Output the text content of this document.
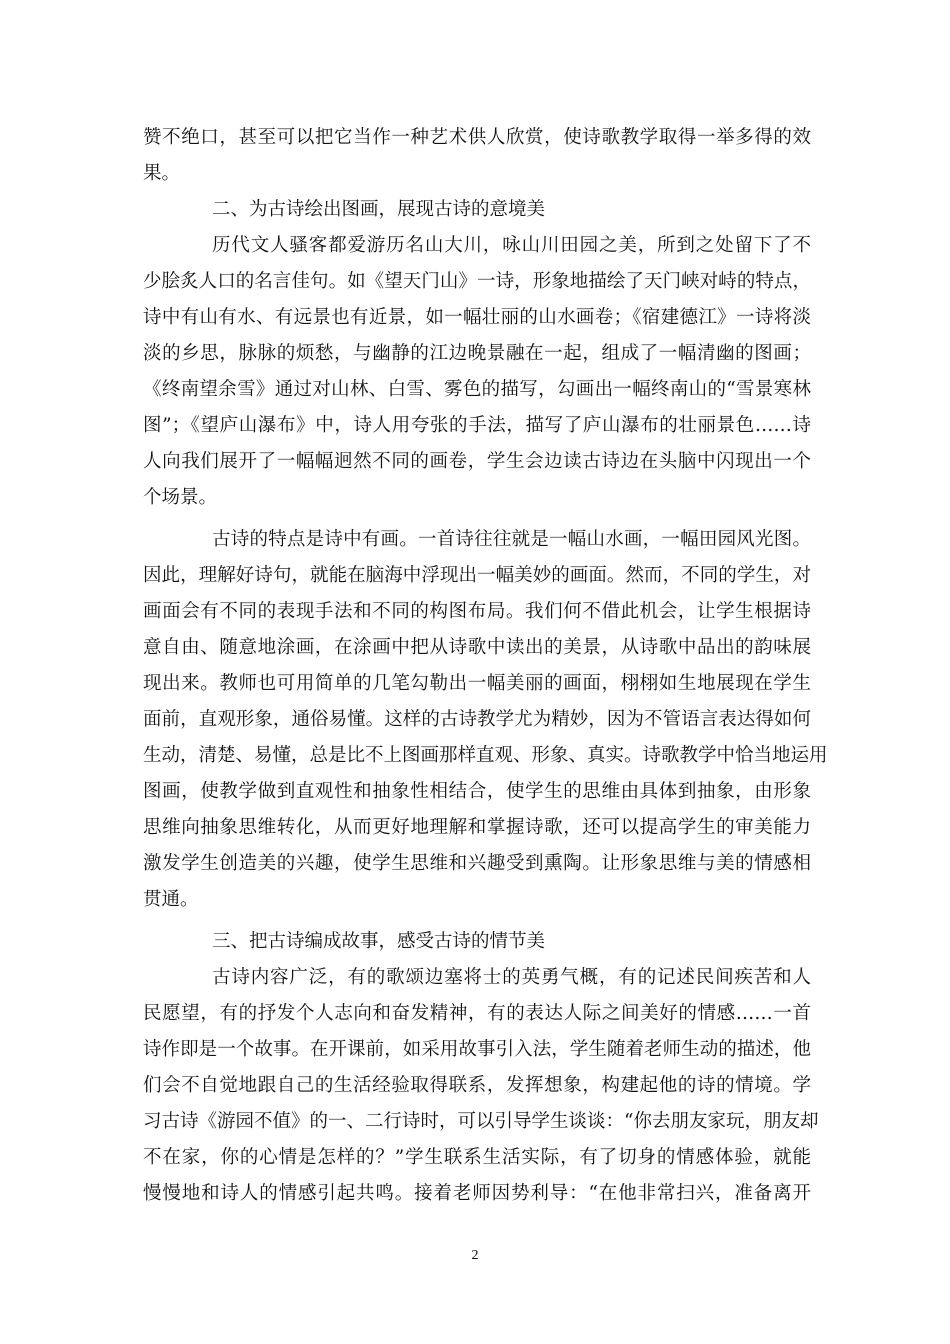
赞不绝口，甚至可以把它当作一种艺术供人欣赏，使诗歌教学取得一举多得的效
果。
二、为古诗绘出图画，展现古诗的意境美
历代文人骚客都爱游历名山大川，咏山川田园之美，所到之处留下了不
少脍炙人口的名言佳句。如《望天门山》一诗，形象地描绘了天门峡对峙的特点，
诗中有山有水、有远景也有近景，如一幅壮丽的山水画卷；《宿建德江》一诗将淡
淡的乡思，脉脉的烦愁，与幽静的江边晚景融在一起，组成了一幅清幽的图画；
《终南望余雪》通过对山林、白雪、雾色的描写，勾画出一幅终南山的“雪景寒林
图”；《望庐山瀑布》中，诗人用夸张的手法，描写了庐山瀑布的壮丽景色……诗
人向我们展开了一幅幅迥然不同的画卷，学生会边读古诗边在头脑中闪现出一个
个场景。
古诗的特点是诗中有画。一首诗往往就是一幅山水画，一幅田园风光图。
因此，理解好诗句，就能在脑海中浮现出一幅美妙的画面。然而，不同的学生，对
画面会有不同的表现手法和不同的构图布局。我们何不借此机会，让学生根据诗
意自由、随意地涂画，在涂画中把从诗歌中读出的美景，从诗歌中品出的韵味展
现出来。教师也可用简单的几笔勾勒出一幅美丽的画面，栩栩如生地展现在学生
面前，直观形象，通俗易懂。这样的古诗教学尤为精妙，因为不管语言表达得如何
生动，清楚、易懂，总是比不上图画那样直观、形象、真实。诗歌教学中恰当地运用
图画，使教学做到直观性和抽象性相结合，使学生的思维由具体到抽象，由形象
思维向抽象思维转化，从而更好地理解和掌握诗歌，还可以提高学生的审美能力
激发学生创造美的兴趣，使学生思维和兴趣受到熏陶。让形象思维与美的情感相
贯通。
三、把古诗编成故事，感受古诗的情节美
古诗内容广泛，有的歌颂边塞将士的英勇气概，有的记述民间疾苦和人
民愿望，有的抒发个人志向和奋发精神，有的表达人际之间美好的情感……一首
诗作即是一个故事。在开课前，如采用故事引入法，学生随着老师生动的描述，他
们会不自觉地跟自己的生活经验取得联系，发挥想象，构建起他的诗的情境。学
习古诗《游园不值》的一、二行诗时，可以引导学生谈谈：“你去朋友家玩，朋友却
不在家，你的心情是怎样的？”学生联系生活实际，有了切身的情感体验，就能
慢慢地和诗人的情感引起共鸣。接着老师因势利导：“在他非常扫兴，准备离开
2
